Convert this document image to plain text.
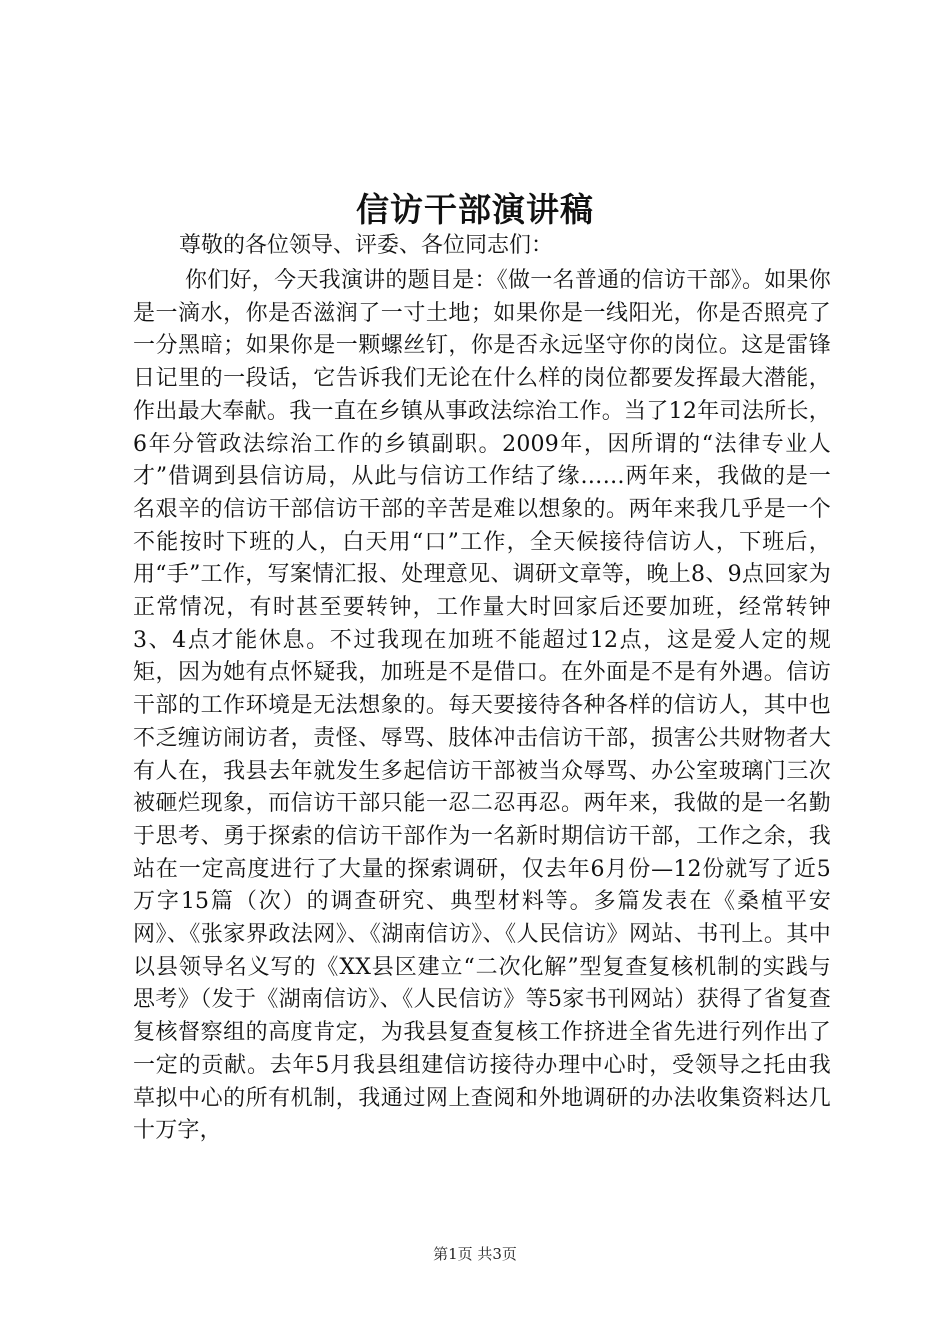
信访干部演讲稿

尊敬的各位领导、评委、各位同志们：

你们好，今天我演讲的题目是：《做一名普通的信访干部》。如果你是一滴水，你是否滋润了一寸土地；如果你是一线阳光，你是否照亮了一分黑暗；如果你是一颗螺丝钉，你是否永远坚守你的岗位。这是雷锋日记里的一段话，它告诉我们无论在什么样的岗位都要发挥最大潜能，作出最大奉献。我一直在乡镇从事政法综治工作。当了12年司法所长，6年分管政法综治工作的乡镇副职。2009年，因所谓的“法律专业人才”借调到县信访局，从此与信访工作结了缘……两年来，我做的是一名艰辛的信访干部信访干部的辛苦是难以想象的。两年来我几乎是一个不能按时下班的人，白天用“口”工作，全天候接待信访人，下班后，用“手”工作，写案情汇报、处理意见、调研文章等，晚上8、9点回家为正常情况，有时甚至要转钟，工作量大时回家后还要加班，经常转钟3、4点才能休息。不过我现在加班不能超过12点，这是爱人定的规矩，因为她有点怀疑我，加班是不是借口。在外面是不是有外遇。信访干部的工作环境是无法想象的。每天要接待各种各样的信访人，其中也不乏缠访闹访者，责怪、辱骂、肢体冲击信访干部，损害公共财物者大有人在，我县去年就发生多起信访干部被当众辱骂、办公室玻璃门三次被砸烂现象，而信访干部只能一忍二忍再忍。两年来，我做的是一名勤于思考、勇于探索的信访干部作为一名新时期信访干部，工作之余，我站在一定高度进行了大量的探索调研，仅去年6月份—12份就写了近5万字15篇（次）的调查研究、典型材料等。多篇发表在《桑植平安网》、《张家界政法网》、《湖南信访》、《人民信访》网站、书刊上。其中以县领导名义写的《XX县区建立“二次化解”型复查复核机制的实践与思考》（发于《湖南信访》、《人民信访》等5家书刊网站）获得了省复查复核督察组的高度肯定，为我县复查复核工作挤进全省先进行列作出了一定的贡献。去年5月我县组建信访接待办理中心时，受领导之托由我草拟中心的所有机制，我通过网上查阅和外地调研的办法收集资料达几十万字，

第1页 共3页
